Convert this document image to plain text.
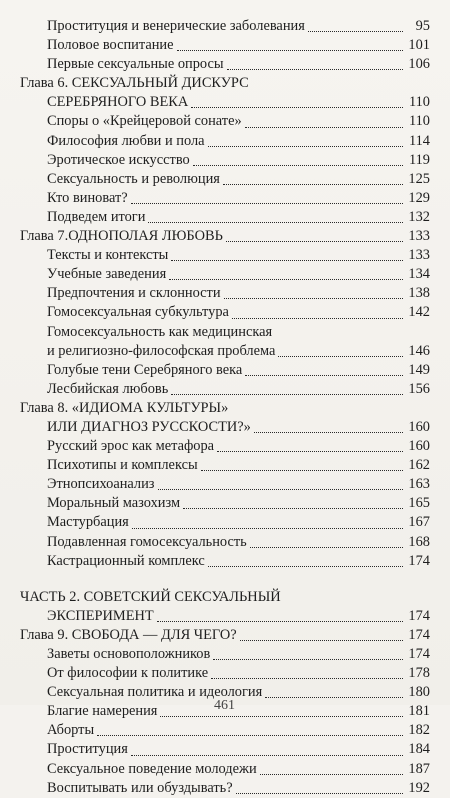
Проституция и венерические заболевания	95
Половое воспитание	101
Первые сексуальные опросы	106
Глава 6. СЕКСУАЛЬНЫЙ ДИСКУРС
СЕРЕБРЯНОГО ВЕКА	110
Споры о «Крейцеровой сонате»	110
Философия любви и пола	114
Эротическое искусство	119
Сексуальность и революция	125
Кто виноват?	129
Подведем итоги	132
Глава 7.ОДНОПОЛАЯ ЛЮБОВЬ	133
Тексты и контексты	133
Учебные заведения	134
Предпочтения и склонности	138
Гомосексуальная субкультура	142
Гомосексуальность как медицинская
и религиозно-философская проблема	146
Голубые тени Серебряного века	149
Лесбийская любовь	156
Глава 8. «ИДИОМА КУЛЬТУРЫ»
ИЛИ ДИАГНОЗ РУССКОСТИ?»	160
Русский эрос как метафора	160
Психотипы и комплексы	162
Этнопсихоанализ	163
Моральный мазохизм	165
Мастурбация	167
Подавленная гомосексуальность	168
Кастрационный комплекс	174
ЧАСТЬ 2. СОВЕТСКИЙ СЕКСУАЛЬНЫЙ
ЭКСПЕРИМЕНТ	174
Глава 9. СВОБОДА — ДЛЯ ЧЕГО?	174
Заветы основоположников	174
От философии к политике	178
Сексуальная политика и идеология	180
Благие намерения	181
Аборты	182
Проституция	184
Сексуальное поведение молодежи	187
Воспитывать или обуздывать?	192
461
